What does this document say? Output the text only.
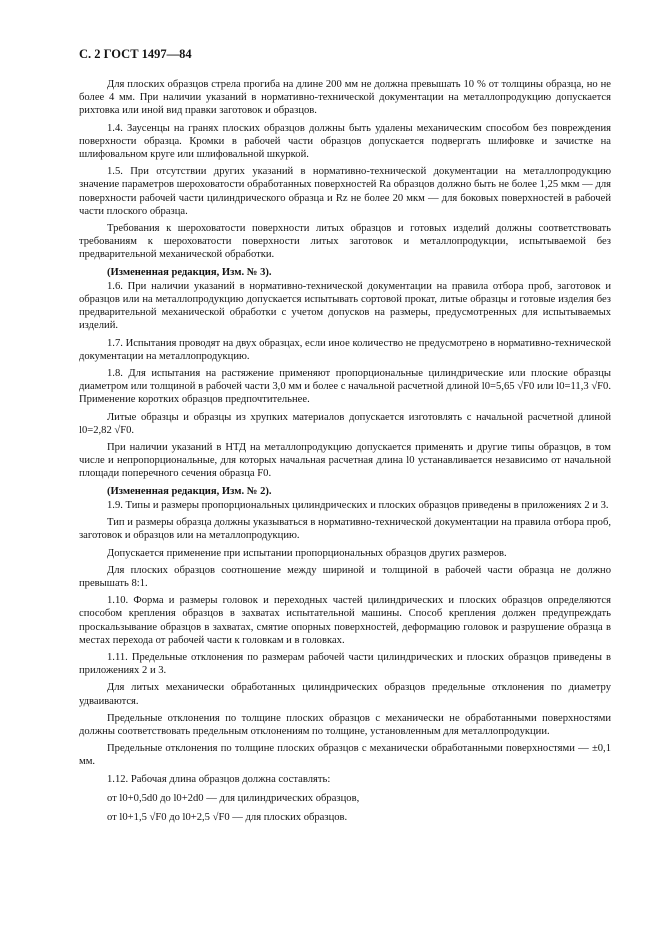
С. 2 ГОСТ 1497—84

Для плоских образцов стрела прогиба на длине 200 мм не должна превышать 10 % от толщины образца, но не более 4 мм. При наличии указаний в нормативно-технической документации на металлопродукцию допускается рихтовка или иной вид правки заготовок и образцов.

1.4. Заусенцы на гранях плоских образцов должны быть удалены механическим способом без повреждения поверхности образца. Кромки в рабочей части образцов допускается подвергать шлифовке и зачистке на шлифовальном круге или шлифовальной шкуркой.

1.5. При отсутствии других указаний в нормативно-технической документации на металлопродукцию значение параметров шероховатости обработанных поверхностей Ra образцов должно быть не более 1,25 мкм — для поверхности рабочей части цилиндрического образца и Rz не более 20 мкм — для боковых поверхностей в рабочей части плоского образца.

Требования к шероховатости поверхности литых образцов и готовых изделий должны соответствовать требованиям к шероховатости поверхности литых заготовок и металлопродукции, испытываемой без предварительной механической обработки.

(Измененная редакция, Изм. № 3).

1.6. При наличии указаний в нормативно-технической документации на правила отбора проб, заготовок и образцов или на металлопродукцию допускается испытывать сортовой прокат, литые образцы и готовые изделия без предварительной механической обработки с учетом допусков на размеры, предусмотренных для испытываемых изделий.

1.7. Испытания проводят на двух образцах, если иное количество не предусмотрено в нормативно-технической документации на металлопродукцию.

1.8. Для испытания на растяжение применяют пропорциональные цилиндрические или плоские образцы диаметром или толщиной в рабочей части 3,0 мм и более с начальной расчетной длиной l0=5,65 √F0 или l0=11,3 √F0. Применение коротких образцов предпочтительнее.

Литые образцы и образцы из хрупких материалов допускается изготовлять с начальной расчетной длиной l0=2,82 √F0.

При наличии указаний в НТД на металлопродукцию допускается применять и другие типы образцов, в том числе и непропорциональные, для которых начальная расчетная длина l0 устанавливается независимо от начальной площади поперечного сечения образца F0.

(Измененная редакция, Изм. № 2).

1.9. Типы и размеры пропорциональных цилиндрических и плоских образцов приведены в приложениях 2 и 3.

Тип и размеры образца должны указываться в нормативно-технической документации на правила отбора проб, заготовок и образцов или на металлопродукцию.

Допускается применение при испытании пропорциональных образцов других размеров.

Для плоских образцов соотношение между шириной и толщиной в рабочей части образца не должно превышать 8:1.

1.10. Форма и размеры головок и переходных частей цилиндрических и плоских образцов определяются способом крепления образцов в захватах испытательной машины. Способ крепления должен предупреждать проскальзывание образцов в захватах, смятие опорных поверхностей, деформацию головок и разрушение образца в местах перехода от рабочей части к головкам и в головках.

1.11. Предельные отклонения по размерам рабочей части цилиндрических и плоских образцов приведены в приложениях 2 и 3.

Для литых механически обработанных цилиндрических образцов предельные отклонения по диаметру удваиваются.

Предельные отклонения по толщине плоских образцов с механически не обработанными поверхностями должны соответствовать предельным отклонениям по толщине, установленным для металлопродукции.

Предельные отклонения по толщине плоских образцов с механически обработанными поверхностями — ±0,1 мм.

1.12. Рабочая длина образцов должна составлять:

от l0+0,5d0 до l0+2d0 — для цилиндрических образцов,

от l0+1,5 √F0 до l0+2,5 √F0 — для плоских образцов.
